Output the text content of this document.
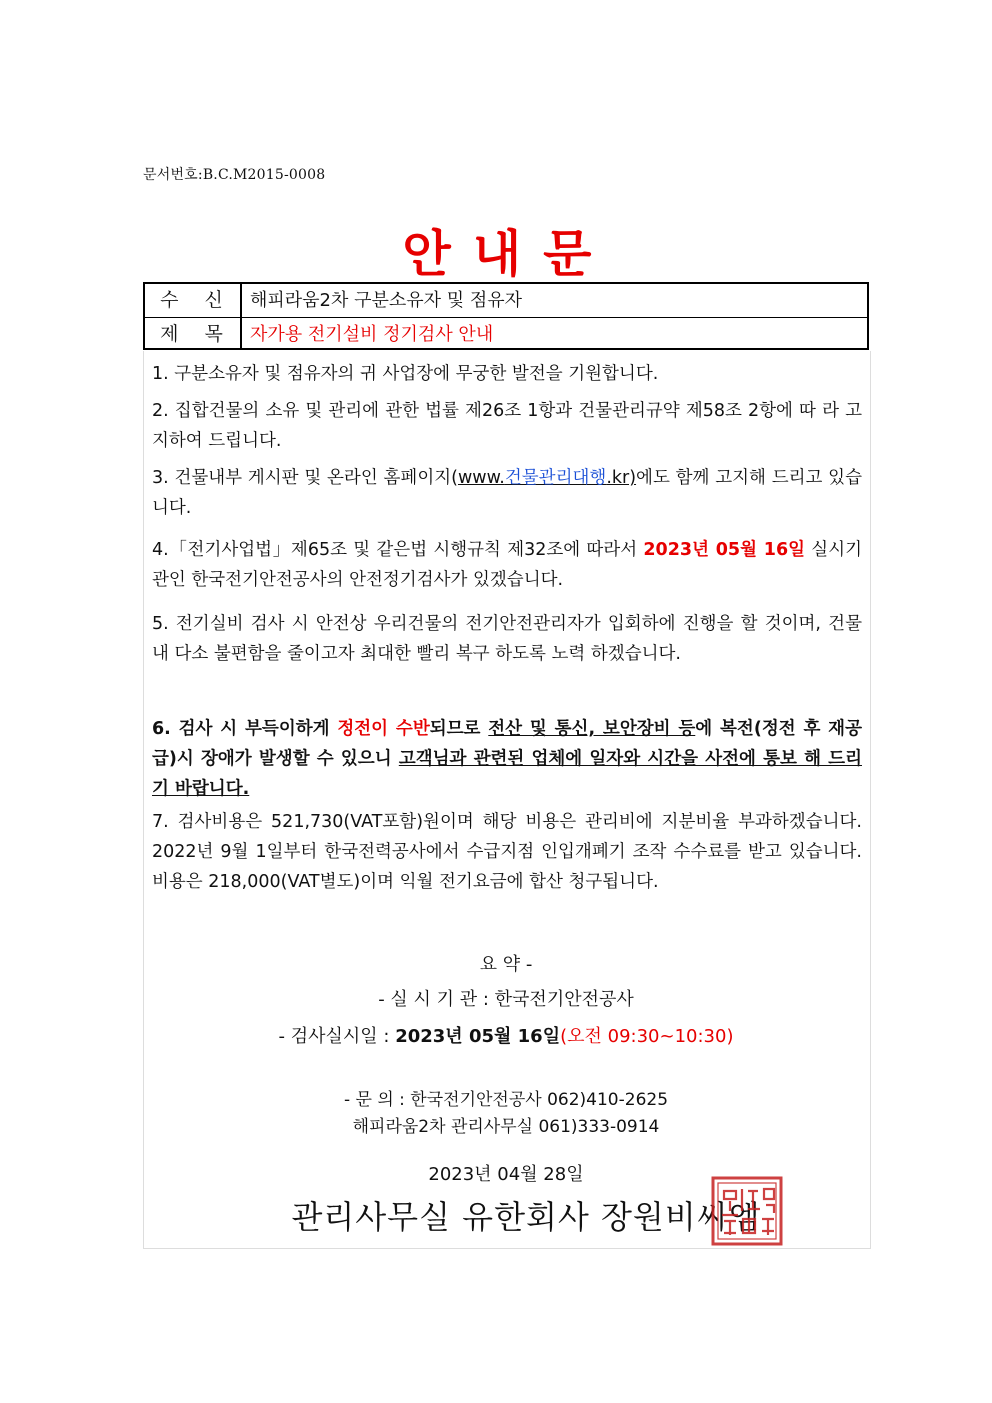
문서번호:B.C.M2015-0008
안내문
수 신 해피라움2차 구분소유자 및 점유자
제 목 자가용 전기설비 정기검사 안내
1. 구분소유자 및 점유자의 귀 사업장에 무궁한 발전을 기원합니다.
2. 집합건물의 소유 및 관리에 관한 법률 제26조 1항과 건물관리규약 제58조 2항에 따 라 고지하여 드립니다.
3. 건물내부 게시판 및 온라인 홈페이지(www.건물관리대행.kr)에도 함께 고지해 드리고 있습니다.
4.「전기사업법」제65조 및 같은법 시행규칙 제32조에 따라서 2023년 05월 16일 실시기관인 한국전기안전공사의 안전정기검사가 있겠습니다.
5. 전기실비 검사 시 안전상 우리건물의 전기안전관리자가 입회하에 진행을 할 것이며, 건물 내 다소 불편함을 줄이고자 최대한 빨리 복구 하도록 노력 하겠습니다.
6. 검사 시 부득이하게 정전이 수반되므로 전산 및 통신, 보안장비 등에 복전(정전 후 재공급)시 장애가 발생할 수 있으니 고객님과 관련된 업체에 일자와 시간을 사전에 통보 해 드리기 바랍니다.
7. 검사비용은 521,730(VAT포함)원이며 해당 비용은 관리비에 지분비율 부과하겠습니다. 2022년 9월 1일부터 한국전력공사에서 수급지점 인입개폐기 조작 수수료를 받고 있습니다. 비용은 218,000(VAT별도)이며 익월 전기요금에 합산 청구됩니다.
요 약 -
- 실 시 기 관 : 한국전기안전공사
- 검사실시일 : 2023년 05월 16일(오전 09:30~10:30)
- 문 의 : 한국전기안전공사 062)410-2625
해피라움2차 관리사무실 061)333-0914
2023년 04월 28일
관리사무실 유한회사 장원비씨엠
